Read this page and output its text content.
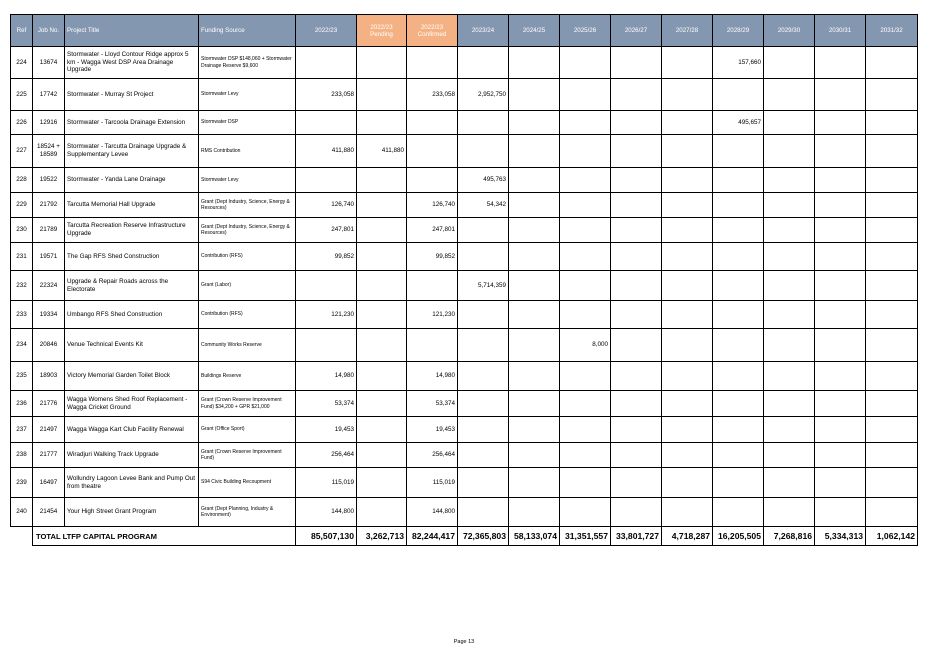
Ref	Job No.	Project Title	Funding Source	2022/23	2022/23 Pending	2022/23 Confirmed	2023/24	2024/25	2025/26	2026/27	2027/28	2028/29	2029/30	2030/31	2031/32
224	13674	Stormwater - Lloyd Contour Ridge approx 5 km - Wagga West DSP Area Drainage Upgrade	Stormwater DSP $148,060 + Stormwater Drainage Reserve $9,600									157,660			
225	17742	Stormwater - Murray St Project	Stormwater Levy	233,058		233,058	2,952,750								
226	12916	Stormwater - Tarcoola Drainage Extension	Stormwater DSP									495,657			
227	18524 + 18589	Stormwater - Tarcutta Drainage Upgrade & Supplementary Levee	RMS Contribution	411,880	411,880										
228	19522	Stormwater - Yanda Lane Drainage	Stormwater Levy				495,763								
229	21792	Tarcutta Memorial Hall Upgrade	Grant (Dept Industry, Science, Energy & Resources)	126,740		126,740	54,342								
230	21789	Tarcutta Recreation Reserve Infrastructure Upgrade	Grant (Dept Industry, Science, Energy & Resources)	247,801		247,801									
231	19571	The Gap RFS Shed Construction	Contribution (RFS)	99,852		99,852									
232	22324	Upgrade & Repair Roads across the Electorate	Grant (Labor)				5,714,359								
233	19334	Umbango RFS Shed Construction	Contribution (RFS)	121,230		121,230									
234	20846	Venue Technical Events Kit	Community Works Reserve						8,000						
235	18903	Victory Memorial Garden Toilet Block	Buildings Reserve	14,980		14,980									
236	21776	Wagga Womens Shed Roof Replacement - Wagga Cricket Ground	Grant (Crown Reserve Improvement Fund) $34,200 + GPR $21,000	53,374		53,374									
237	21497	Wagga Wagga Kart Club Facility Renewal	Grant (Office Sport)	19,453		19,453									
238	21777	Wiradjuri Walking Track Upgrade	Grant (Crown Reserve Improvement Fund)	256,464		256,464									
239	16497	Wollundry Lagoon Levee Bank and Pump Out from theatre	S94 Civic Building Recoupment	115,019		115,019									
240	21454	Your High Street Grant Program	Grant (Dept Planning, Industry & Environment)	144,800		144,800									
	TOTAL LTFP CAPITAL PROGRAM			85,507,130	3,262,713	82,244,417	72,365,803	58,133,074	31,351,557	33,801,727	4,718,287	16,205,505	7,268,816	5,334,313	1,062,142
Page 13
